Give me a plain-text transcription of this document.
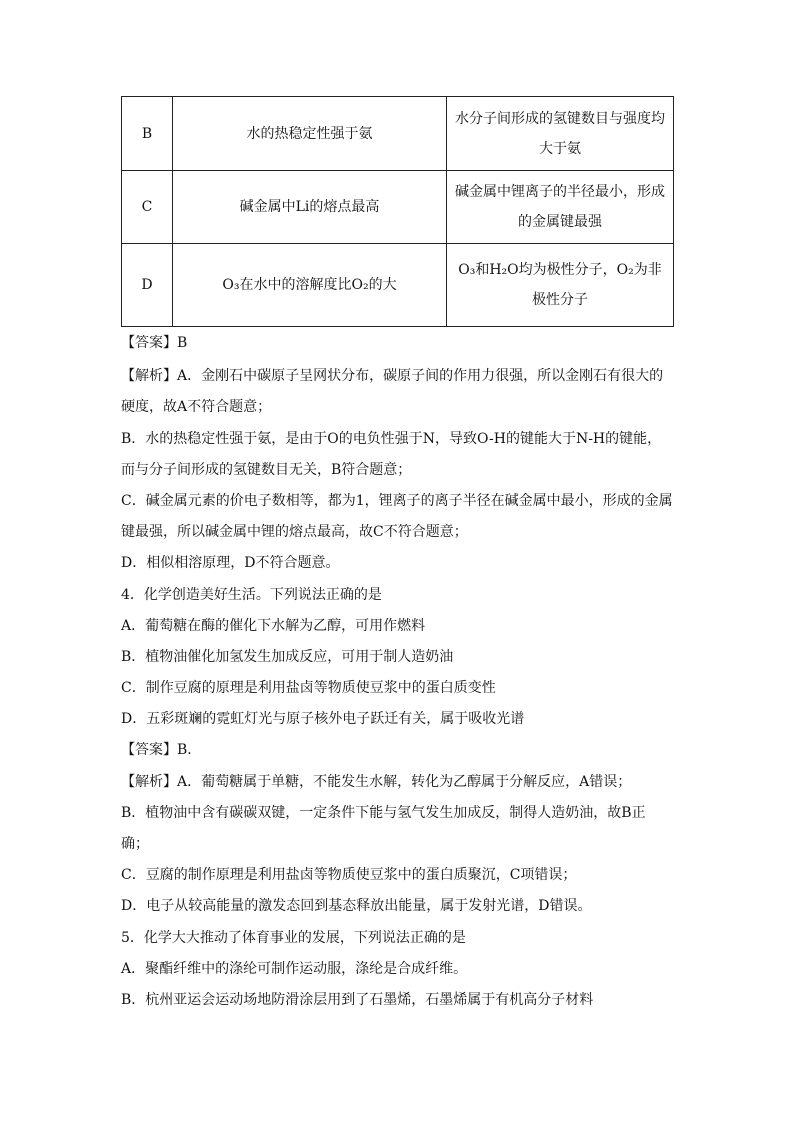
B	水的热稳定性强于氨	水分子间形成的氢键数目与强度均
大于氨
C	碱金属中Li的熔点最高	碱金属中锂离子的半径最小，形成
的金属键最强
D	O₃在水中的溶解度比O₂的大	O₃和H₂O均为极性分子，O₂为非
极性分子
【答案】B
【解析】A．金刚石中碳原子呈网状分布，碳原子间的作用力很强，所以金刚石有很大的
硬度，故A不符合题意；
B．水的热稳定性强于氨，是由于O的电负性强于N，导致O-H的键能大于N-H的键能，
而与分子间形成的氢键数目无关，B符合题意；
C．碱金属元素的价电子数相等，都为1，锂离子的离子半径在碱金属中最小，形成的金属
键最强，所以碱金属中锂的熔点最高，故C不符合题意；
D．相似相溶原理，D不符合题意。
4．化学创造美好生活。下列说法正确的是
A．葡萄糖在酶的催化下水解为乙醇，可用作燃料
B．植物油催化加氢发生加成反应，可用于制人造奶油
C．制作豆腐的原理是利用盐卤等物质使豆浆中的蛋白质变性
D．五彩斑斓的霓虹灯光与原子核外电子跃迁有关，属于吸收光谱
【答案】B．
【解析】A．葡萄糖属于单糖，不能发生水解，转化为乙醇属于分解反应，A错误；
B．植物油中含有碳碳双键，一定条件下能与氢气发生加成反，制得人造奶油，故B正
确；
C．豆腐的制作原理是利用盐卤等物质使豆浆中的蛋白质聚沉，C项错误；
D．电子从较高能量的激发态回到基态释放出能量，属于发射光谱，D错误。
5．化学大大推动了体育事业的发展，下列说法正确的是
A．聚酯纤维中的涤纶可制作运动服，涤纶是合成纤维。
B．杭州亚运会运动场地防滑涂层用到了石墨烯，石墨烯属于有机高分子材料
